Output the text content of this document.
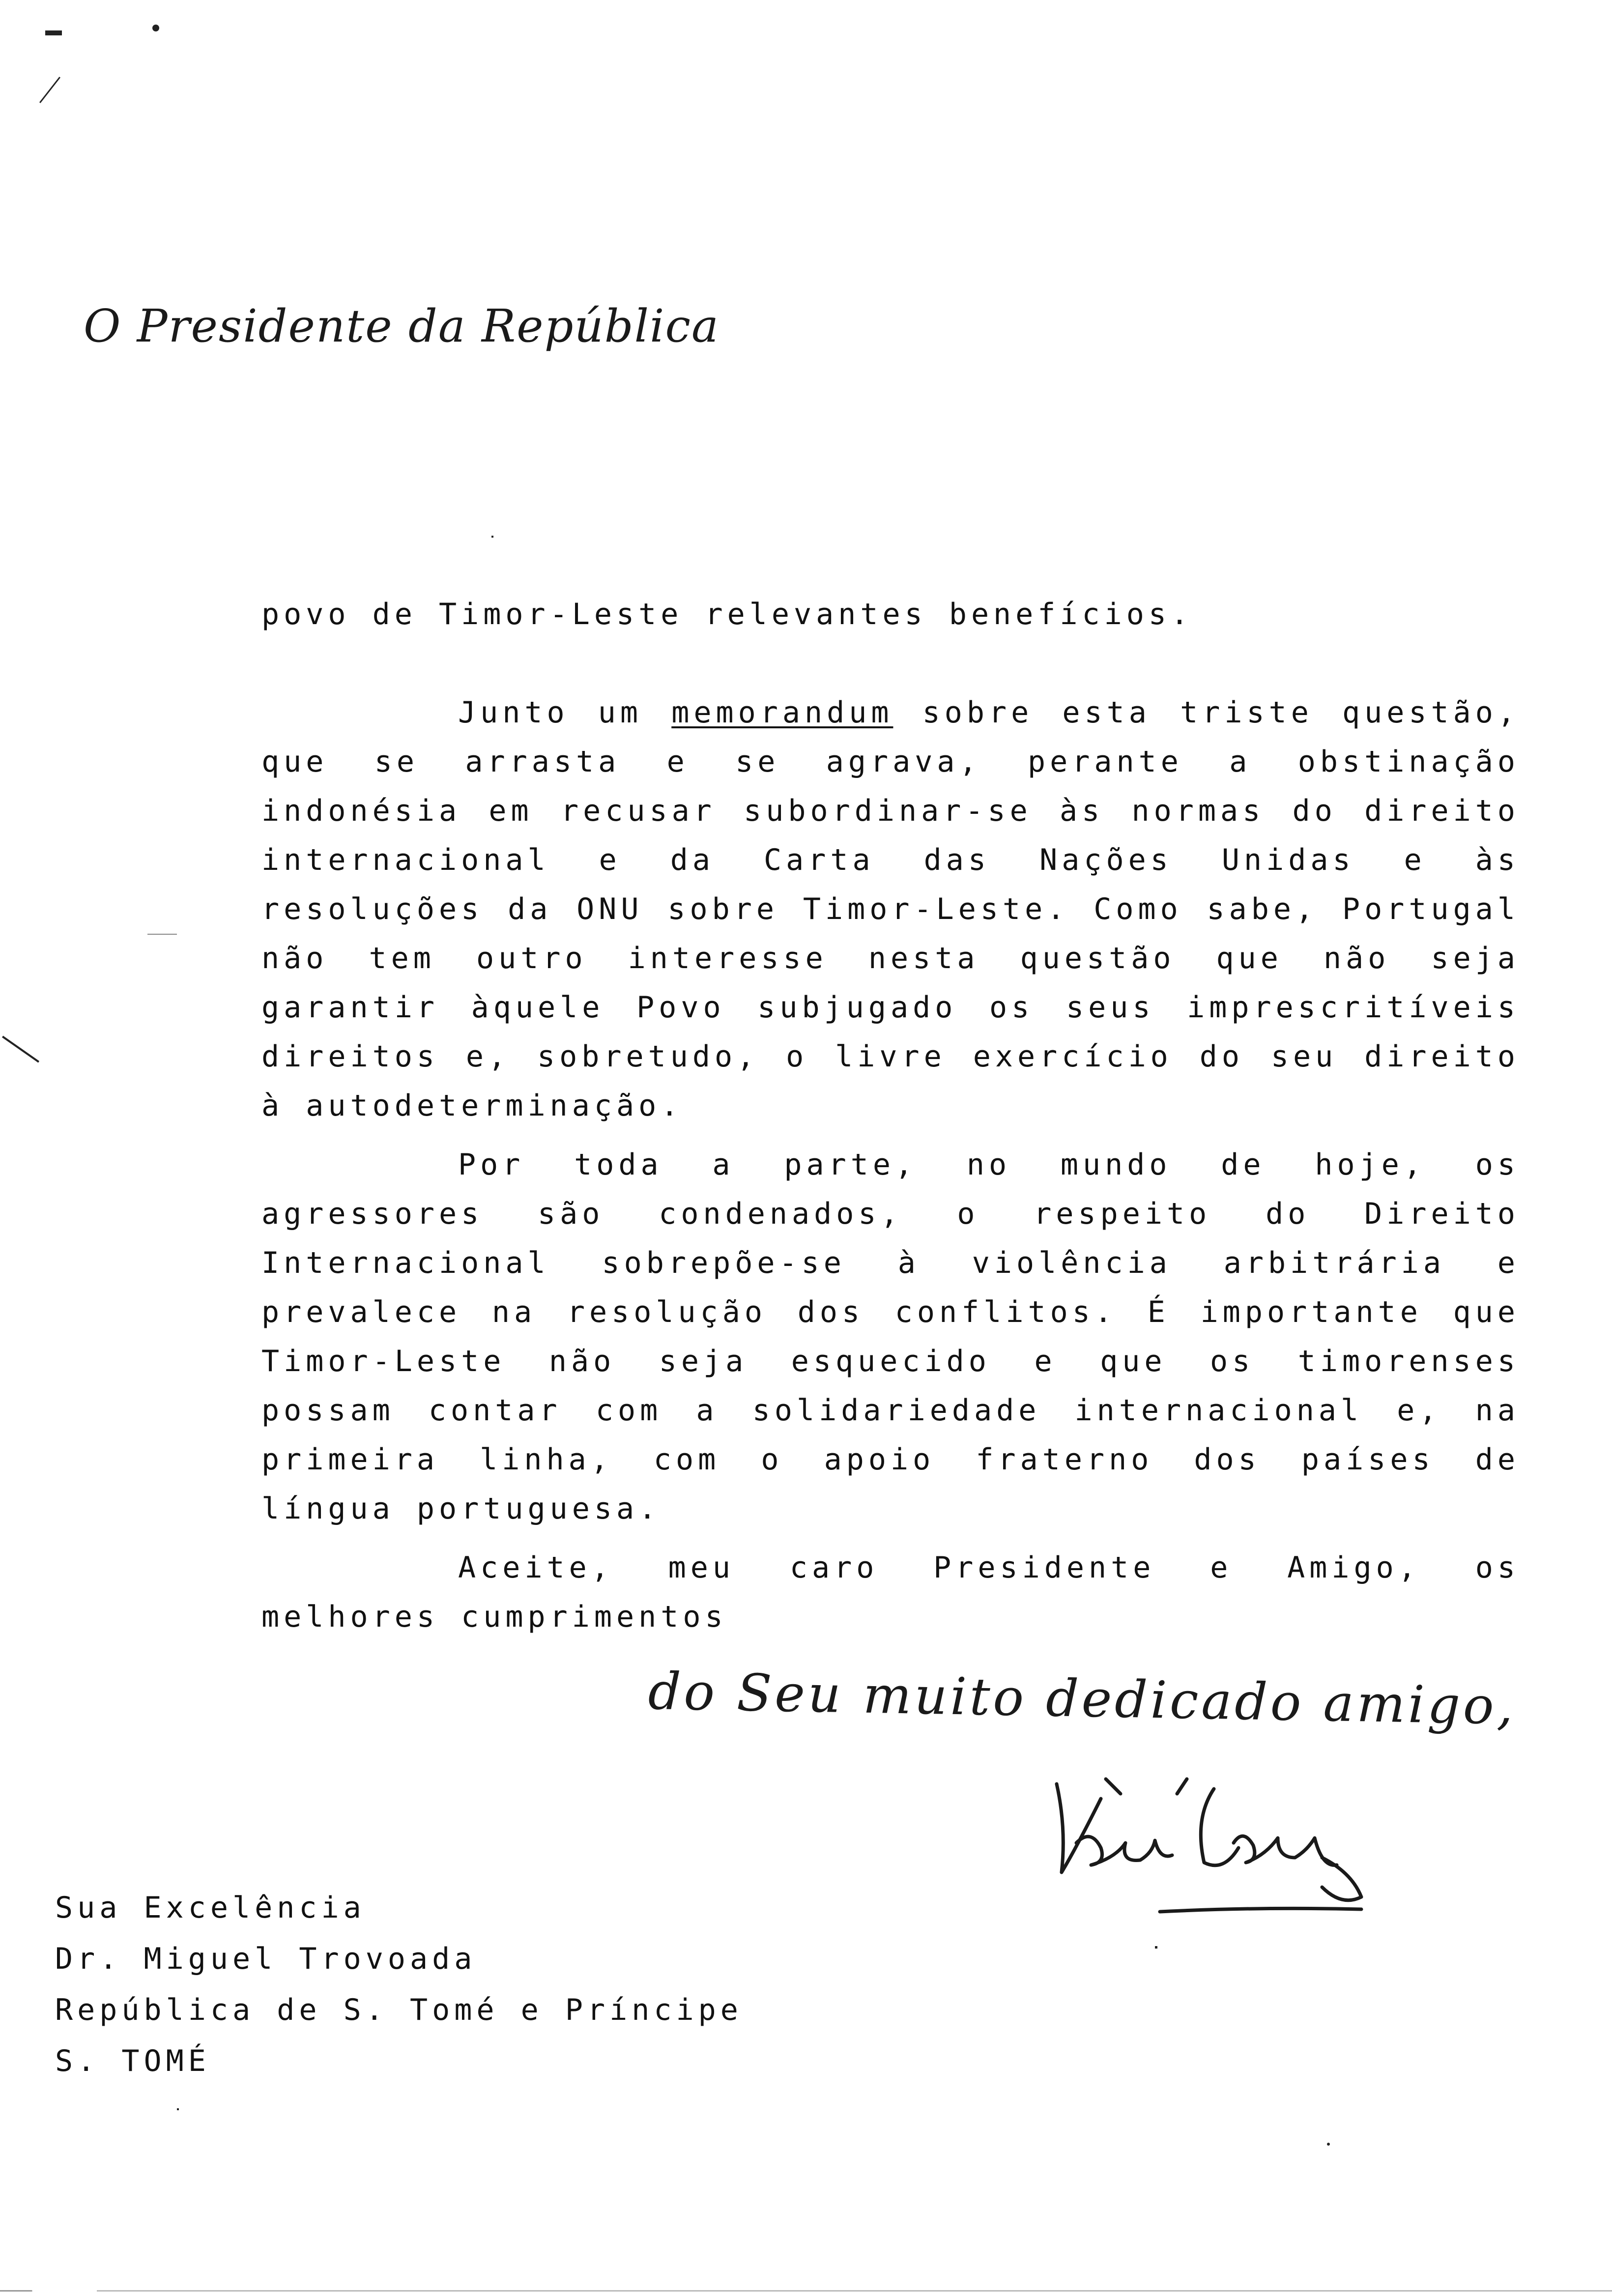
O Presidente da República
povo de Timor-Leste relevantes benefícios.
Junto um memorandum sobre esta triste questão, que se arrasta e se agrava, perante a obstinação indonésia em recusar subordinar-se às normas do direito internacional e da Carta das Nações Unidas e às resoluções da ONU sobre Timor-Leste. Como sabe, Portugal não tem outro interesse nesta questão que não seja garantir àquele Povo subjugado os seus imprescritíveis direitos e, sobretudo, o livre exercício do seu direito à autodeterminação.
Por toda a parte, no mundo de hoje, os agressores são condenados, o respeito do Direito Internacional sobrepõe-se à violência arbitrária e prevalece na resolução dos conflitos. É importante que Timor-Leste não seja esquecido e que os timorenses possam contar com a solidariedade internacional e, na primeira linha, com o apoio fraterno dos países de língua portuguesa.
Aceite, meu caro Presidente e Amigo, os melhores cumprimentos
do Seu muito dedicado amigo,
Sua Excelência
Dr. Miguel Trovoada
República de S. Tomé e Príncipe
S. TOMÉ
